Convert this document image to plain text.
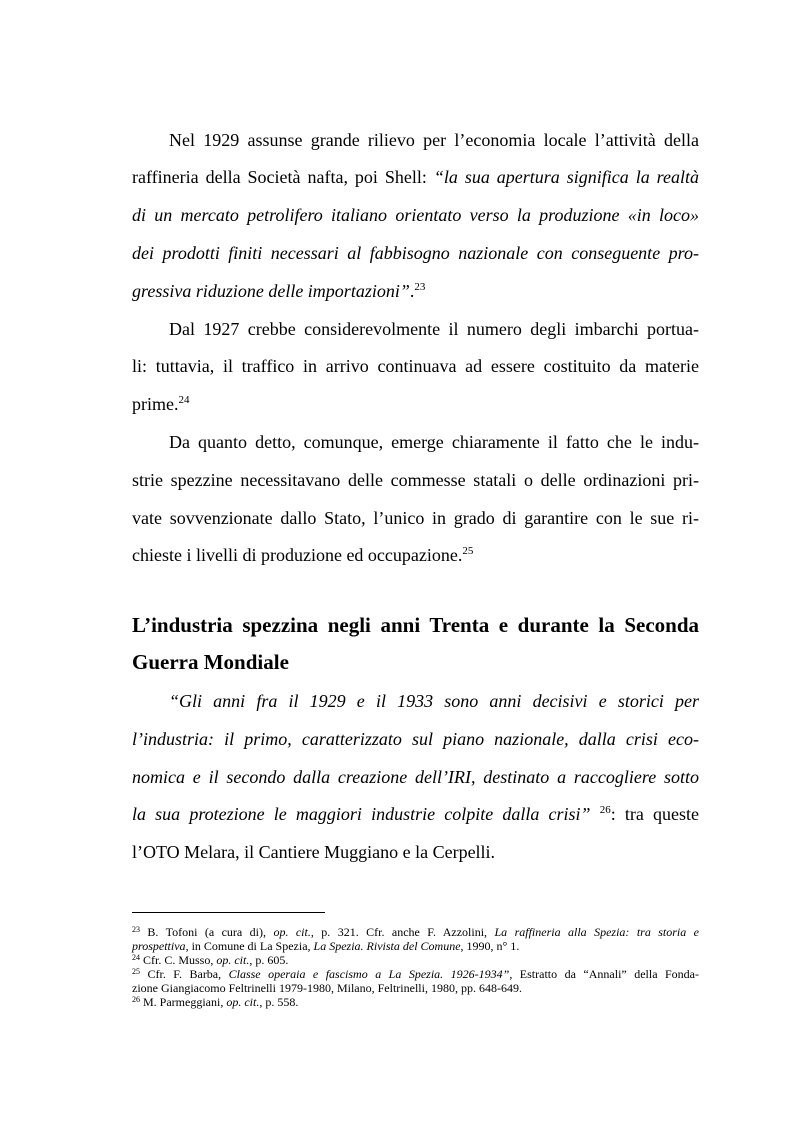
Nel 1929 assunse grande rilievo per l’economia locale l’attività della
raffineria della Società nafta, poi Shell: “la sua apertura significa la realtà
di un mercato petrolifero italiano orientato verso la produzione «in loco»
dei prodotti finiti necessari al fabbisogno nazionale con conseguente pro-
gressiva riduzione delle importazioni”.$^{23}$
Dal 1927 crebbe considerevolmente il numero degli imbarchi portua-
li: tuttavia, il traffico in arrivo continuava ad essere costituito da materie
prime.$^{24}$
Da quanto detto, comunque, emerge chiaramente il fatto che le indu-
strie spezzine necessitavano delle commesse statali o delle ordinazioni pri-
vate sovvenzionate dallo Stato, l’unico in grado di garantire con le sue ri-
chieste i livelli di produzione ed occupazione.$^{25}$
L’industria spezzina negli anni Trenta e durante la Seconda
Guerra Mondiale
“Gli anni fra il 1929 e il 1933 sono anni decisivi e storici per
l’industria: il primo, caratterizzato sul piano nazionale, dalla crisi eco-
nomica e il secondo dalla creazione dell’IRI, destinato a raccogliere sotto
la sua protezione le maggiori industrie colpite dalla crisi” $^{26}$: tra queste
l’OTO Melara, il Cantiere Muggiano e la Cerpelli.
$^{23}$ B. Tofoni (a cura di), op. cit., p. 321. Cfr. anche F. Azzolini, La raffineria alla Spezia: tra storia e
prospettiva, in Comune di La Spezia, La Spezia. Rivista del Comune, 1990, n° 1.
$^{24}$ Cfr. C. Musso, op. cit., p. 605.
$^{25}$ Cfr. F. Barba, Classe operaia e fascismo a La Spezia. 1926-1934”, Estratto da “Annali” della Fonda-
zione Giangiacomo Feltrinelli 1979-1980, Milano, Feltrinelli, 1980, pp. 648-649.
$^{26}$ M. Parmeggiani, op. cit., p. 558.
